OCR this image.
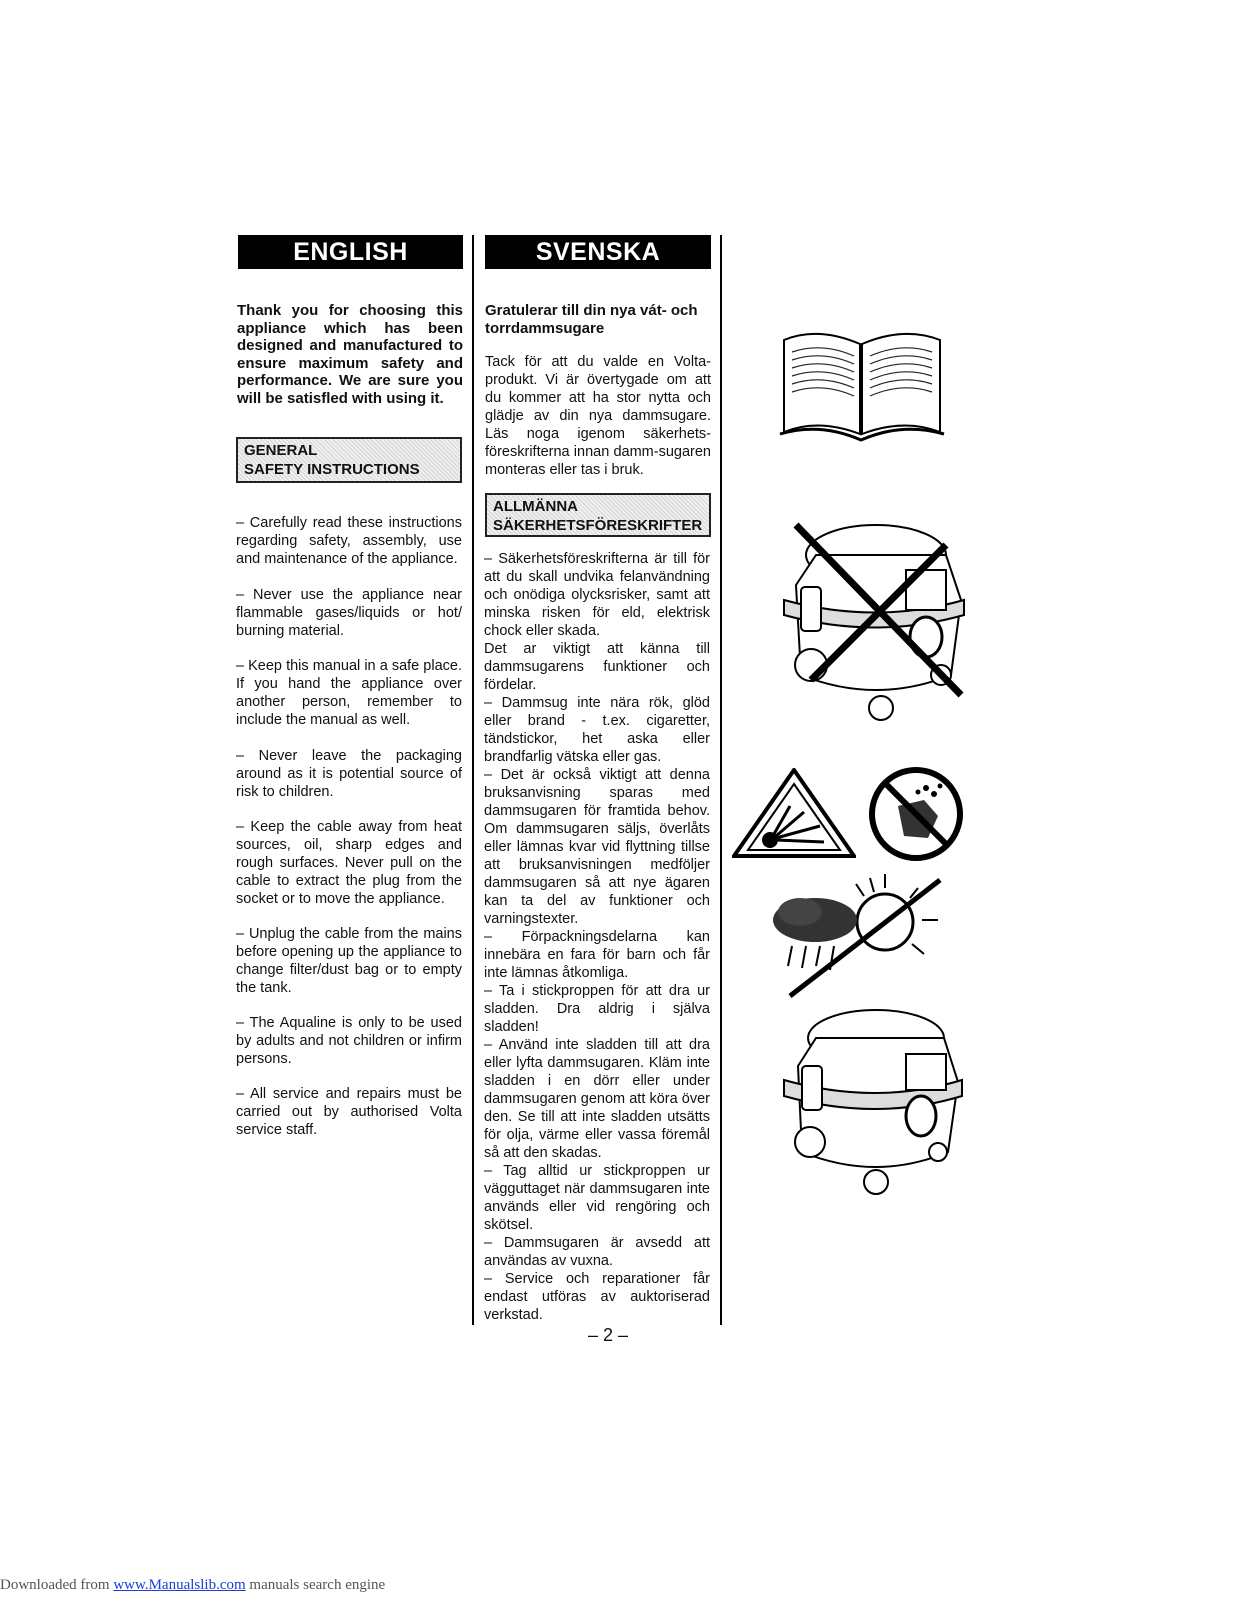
ENGLISH
Thank you for choosing this appliance which has been designed and manufactured to ensure maximum safety and performance. We are sure you will be satisfled with using it.
GENERAL
SAFETY INSTRUCTIONS
– Carefully read these instructions regarding safety, assembly, use and maintenance of the appliance.
– Never use the appliance near flammable gases/liquids or hot/ burning material.
– Keep this manual in a safe place. If you hand the appliance over another person, remember to include the manual as well.
– Never leave the packaging around as it is potential source of risk to children.
– Keep the cable away from heat sources, oil, sharp edges and rough surfaces. Never pull on the cable to extract the plug from the socket or to move the appliance.
– Unplug the cable from the mains before opening up the appliance to change filter/dust bag or to empty the tank.
– The Aqualine is only to be used by adults and not children or infirm persons.
– All service and repairs must be carried out by authorised Volta service staff.
SVENSKA
Gratulerar till din nya vát- och torrdammsugare
Tack för att du valde en Volta-produkt. Vi är övertygade om att du kommer att ha stor nytta och glädje av din nya dammsugare. Läs noga igenom säkerhets-föreskrifterna innan damm-sugaren monteras eller tas i bruk.
ALLMÄNNA
SÄKERHETSFÖRESKRIFTER

– Säkerhetsföreskrifterna är till för att du skall undvika felanvändning och onödiga olycksrisker, samt att minska risken för eld, elektrisk chock eller skada.

Det ar viktigt att känna till dammsugarens funktioner och fördelar.

– Dammsug inte nära rök, glöd eller brand - t.ex. cigaretter, tändstickor, het aska eller brandfarlig vätska eller gas.

– Det är också viktigt att denna bruksanvisning sparas med dammsugaren för framtida behov. Om dammsugaren säljs, överlåts eller lämnas kvar vid flyttning tillse att bruksanvisningen medföljer dammsugaren så att nye ägaren kan ta del av funktioner och varningstexter.

– Förpackningsdelarna kan innebära en fara för barn och får inte lämnas åtkomliga.

– Ta i stickproppen för att dra ur sladden. Dra aldrig i själva sladden!

– Använd inte sladden till att dra eller lyfta dammsugaren. Kläm inte sladden i en dörr eller under dammsugaren genom att köra över den. Se till att inte sladden utsätts för olja, värme eller vassa föremål så att den skadas.

– Tag alltid ur stickproppen ur vägguttaget när dammsugaren inte används eller vid rengöring och skötsel.

– Dammsugaren är avsedd att användas av vuxna.

– Service och reparationer får endast utföras av auktoriserad verkstad.

– 2 –
Downloaded from www.Manualslib.com manuals search engine
